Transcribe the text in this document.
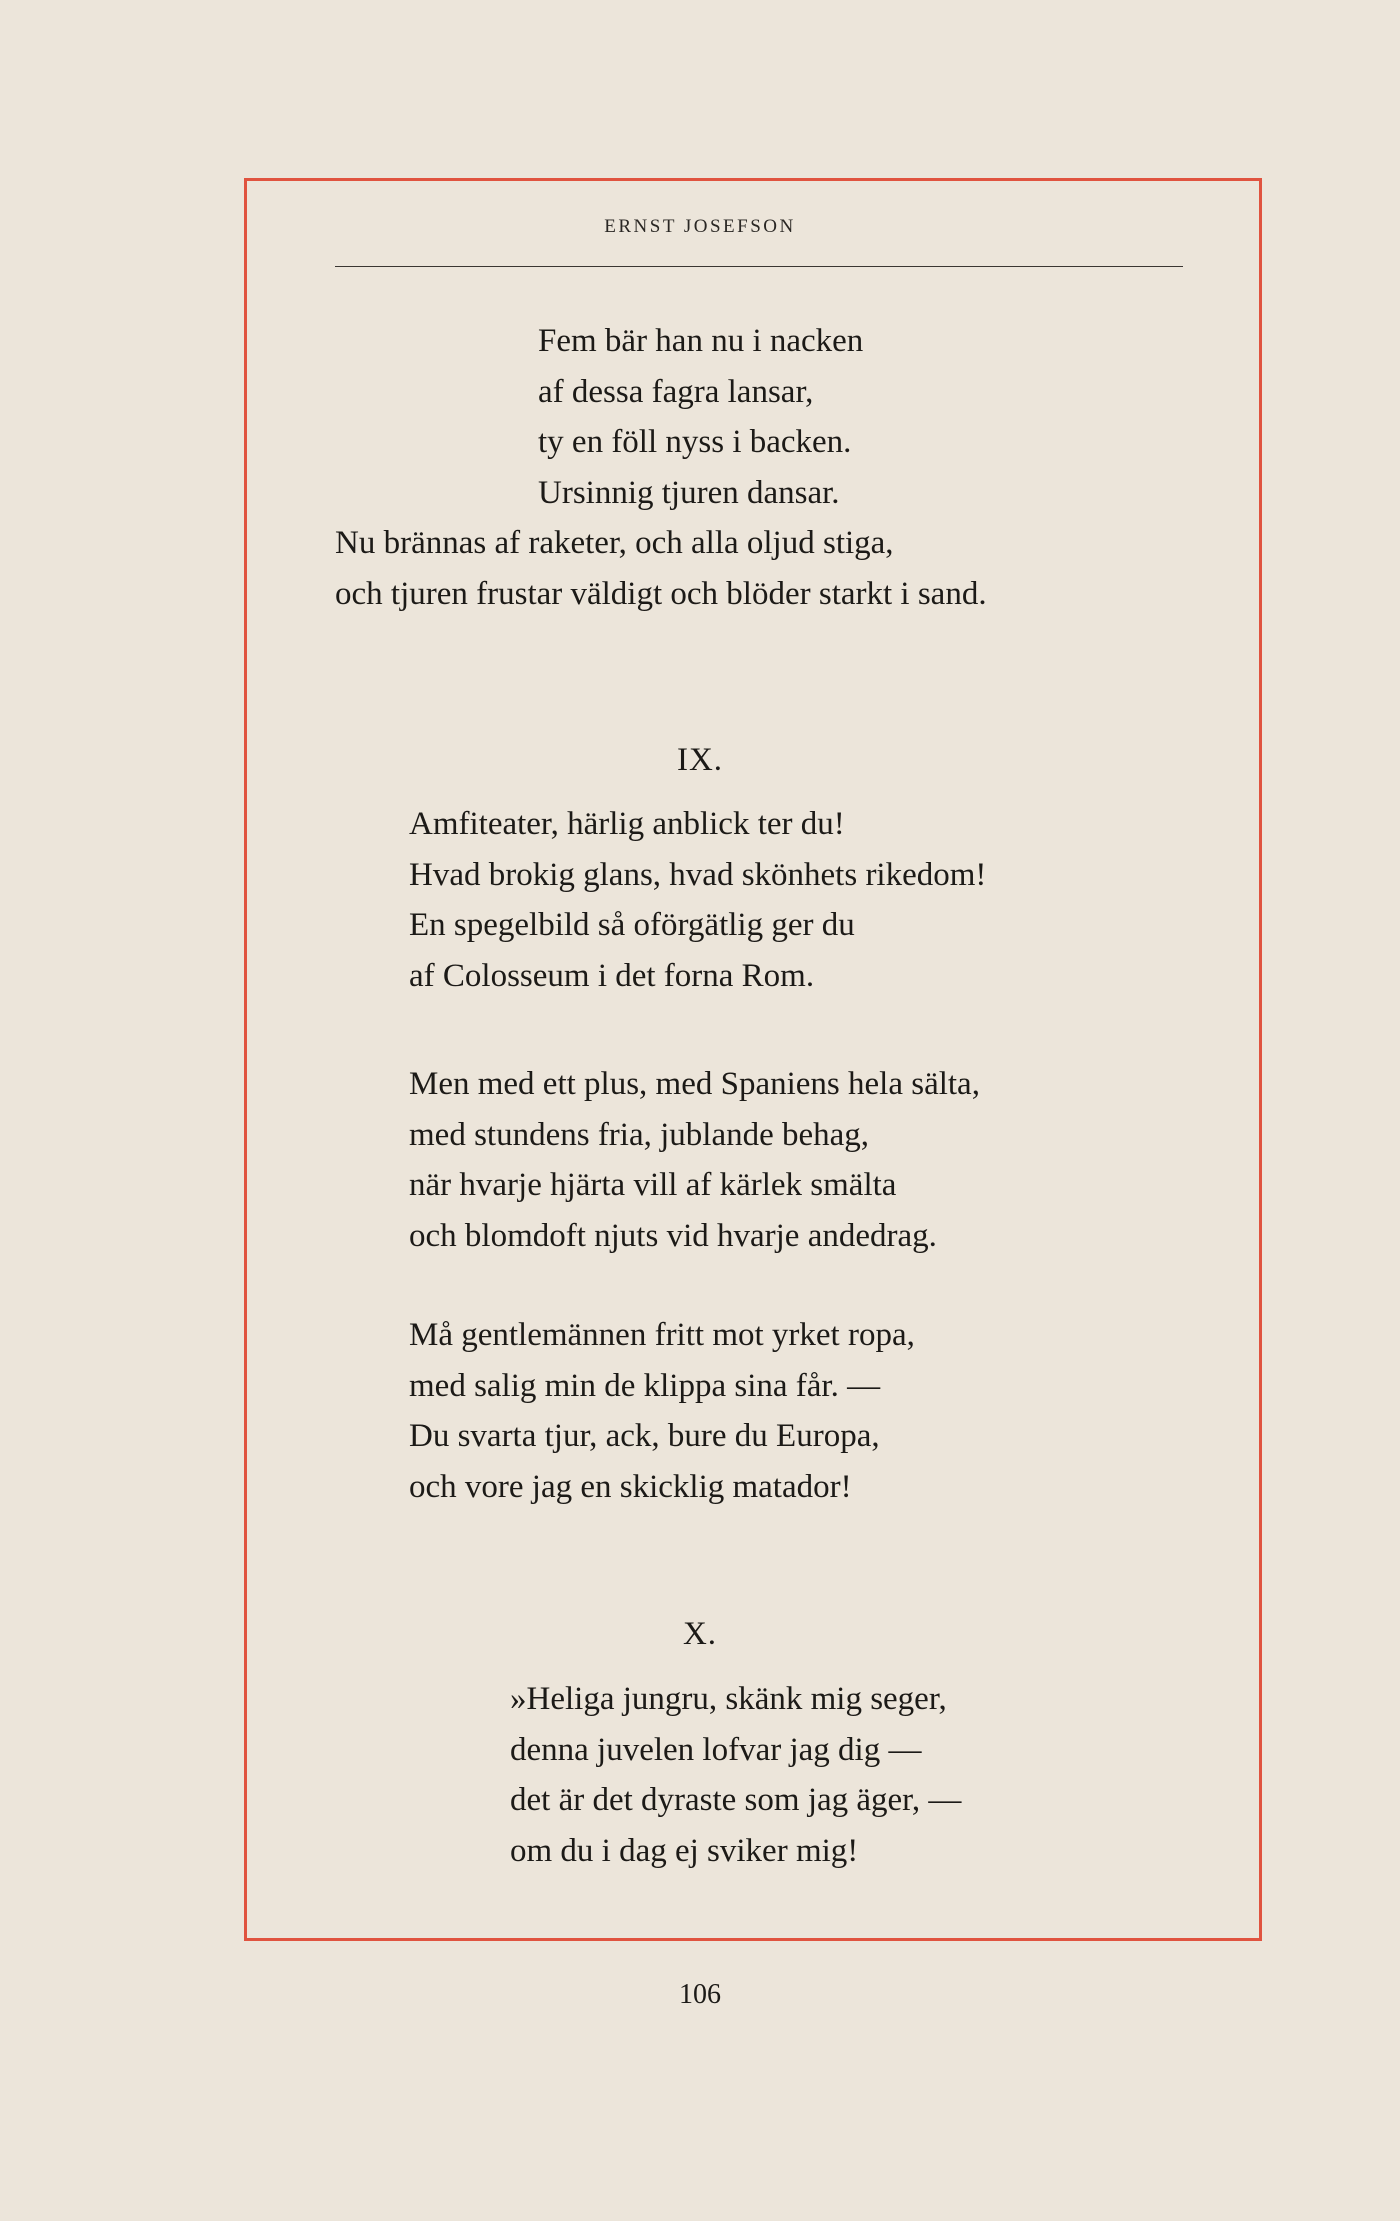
ERNST JOSEFSON
Fem bär han nu i nacken
af dessa fagra lansar,
ty en föll nyss i backen.
Ursinnig tjuren dansar.
Nu brännas af raketer, och alla oljud stiga,
och tjuren frustar väldigt och blöder starkt i sand.
IX.
Amfiteater, härlig anblick ter du!
Hvad brokig glans, hvad skönhets rikedom!
En spegelbild så oförgätlig ger du
af Colosseum i det forna Rom.
Men med ett plus, med Spaniens hela sälta,
med stundens fria, jublande behag,
när hvarje hjärta vill af kärlek smälta
och blomdoft njuts vid hvarje andedrag.
Må gentlemännen fritt mot yrket ropa,
med salig min de klippa sina får. —
Du svarta tjur, ack, bure du Europa,
och vore jag en skicklig matador!
X.
»Heliga jungru, skänk mig seger,
denna juvelen lofvar jag dig —
det är det dyraste som jag äger, —
om du i dag ej sviker mig!
106
